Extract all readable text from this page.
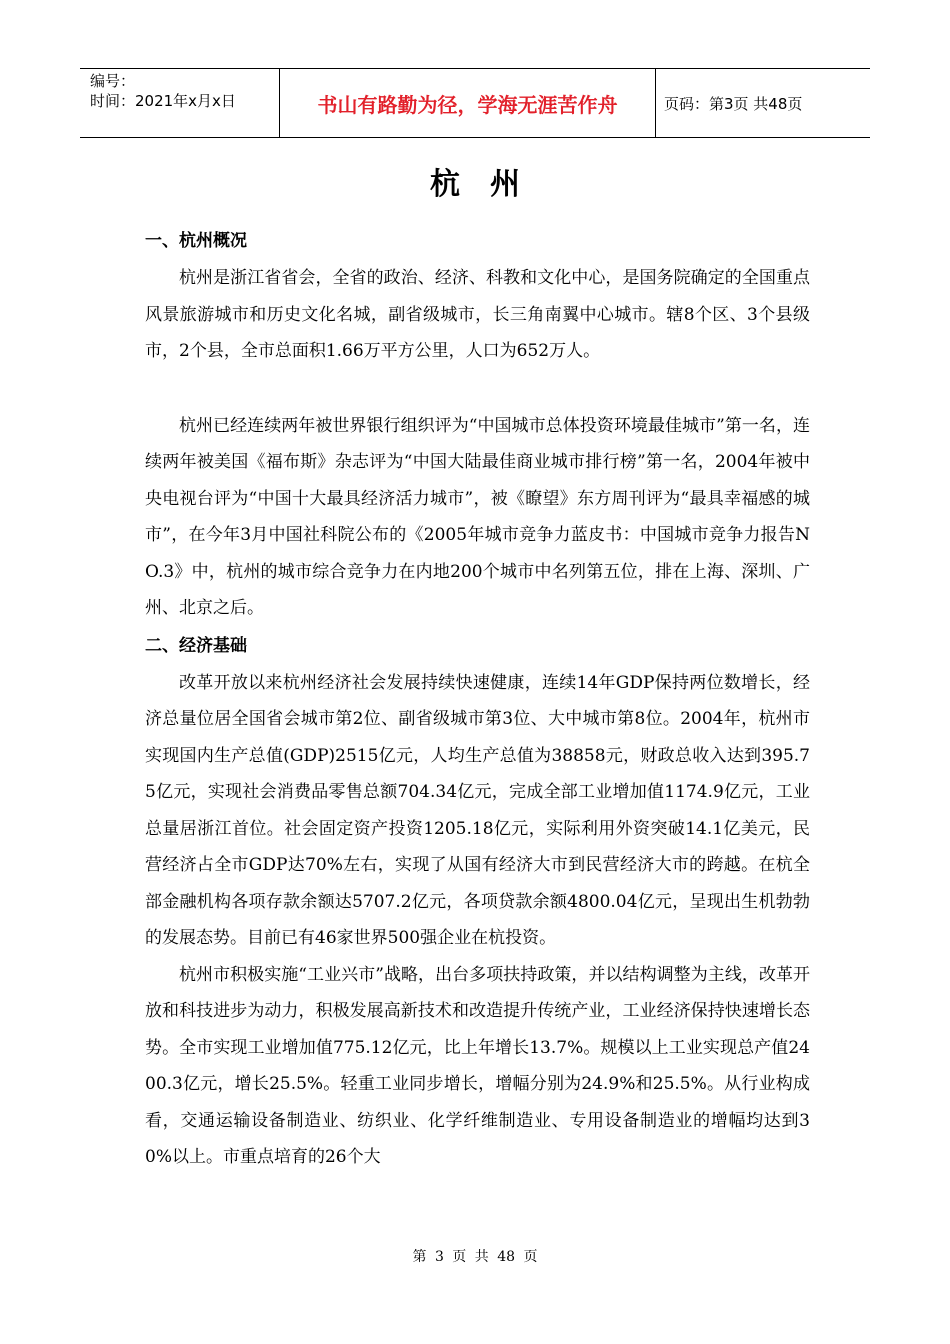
编号：
时间：2021年x月x日	书山有路勤为径，学海无涯苦作舟	页码：第3页 共48页
杭州

一、杭州概况

杭州是浙江省省会，全省的政治、经济、科教和文化中心，是国务院确定的全国重点风景旅游城市和历史文化名城，副省级城市，长三角南翼中心城市。辖8个区、3个县级市，2个县，全市总面积1.66万平方公里，人口为652万人。

杭州已经连续两年被世界银行组织评为“中国城市总体投资环境最佳城市”第一名，连续两年被美国《福布斯》杂志评为“中国大陆最佳商业城市排行榜”第一名，2004年被中央电视台评为“中国十大最具经济活力城市”，被《瞭望》东方周刊评为“最具幸福感的城市”，在今年3月中国社科院公布的《2005年城市竞争力蓝皮书：中国城市竞争力报告NO.3》中，杭州的城市综合竞争力在内地200个城市中名列第五位，排在上海、深圳、广州、北京之后。

二、经济基础

改革开放以来杭州经济社会发展持续快速健康，连续14年GDP保持两位数增长，经济总量位居全国省会城市第2位、副省级城市第3位、大中城市第8位。2004年，杭州市实现国内生产总值(GDP)2515亿元，人均生产总值为38858元，财政总收入达到395.75亿元，实现社会消费品零售总额704.34亿元，完成全部工业增加值1174.9亿元，工业总量居浙江首位。社会固定资产投资1205.18亿元，实际利用外资突破14.1亿美元，民营经济占全市GDP达70%左右，实现了从国有经济大市到民营经济大市的跨越。在杭全部金融机构各项存款余额达5707.2亿元，各项贷款余额4800.04亿元，呈现出生机勃勃的发展态势。目前已有46家世界500强企业在杭投资。

杭州市积极实施“工业兴市”战略，出台多项扶持政策，并以结构调整为主线，改革开放和科技进步为动力，积极发展高新技术和改造提升传统产业，工业经济保持快速增长态势。全市实现工业增加值775.12亿元，比上年增长13.7%。规模以上工业实现总产值2400.3亿元，增长25.5%。轻重工业同步增长，增幅分别为24.9%和25.5%。从行业构成看，交通运输设备制造业、纺织业、化学纤维制造业、专用设备制造业的增幅均达到30%以上。市重点培育的26个大

第 3 页 共 48 页
